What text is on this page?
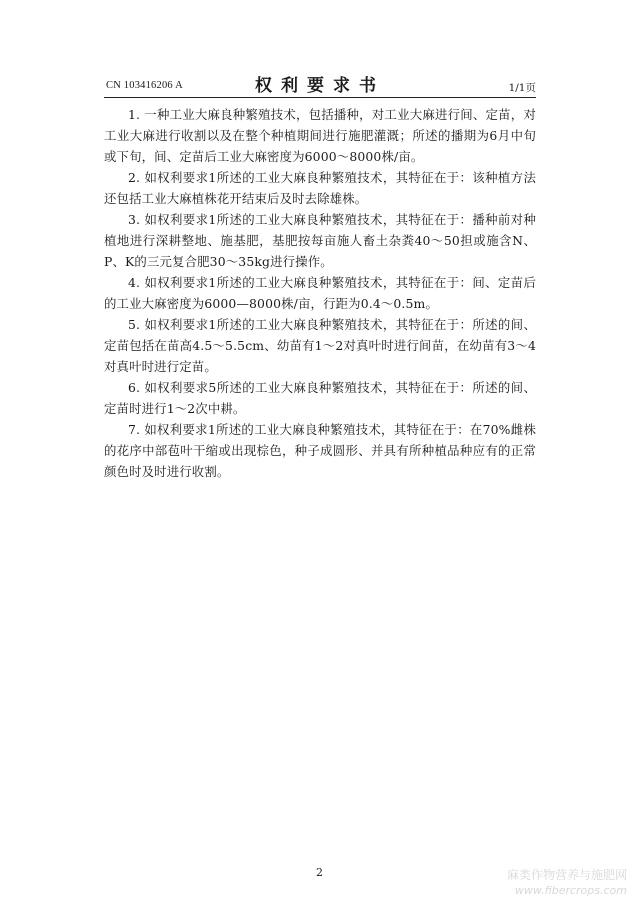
CN 103416206 A	权利要求书	1/1页

1. 一种工业大麻良种繁殖技术，包括播种，对工业大麻进行间、定苗，对工业大麻进行收割以及在整个种植期间进行施肥灌溉；所述的播期为6月中旬或下旬，间、定苗后工业大麻密度为6000～8000株/亩。

2. 如权利要求1所述的工业大麻良种繁殖技术，其特征在于：该种植方法还包括工业大麻植株花开结束后及时去除雄株。

3. 如权利要求1所述的工业大麻良种繁殖技术，其特征在于：播种前对种植地进行深耕整地、施基肥，基肥按每亩施人畜土杂粪40～50担或施含N、P、K的三元复合肥30～35kg进行操作。

4. 如权利要求1所述的工业大麻良种繁殖技术，其特征在于：间、定苗后的工业大麻密度为6000—8000株/亩，行距为0.4～0.5m。

5. 如权利要求1所述的工业大麻良种繁殖技术，其特征在于：所述的间、定苗包括在苗高4.5～5.5cm、幼苗有1～2对真叶时进行间苗，在幼苗有3～4对真叶时进行定苗。

6. 如权利要求5所述的工业大麻良种繁殖技术，其特征在于：所述的间、定苗时进行1～2次中耕。

7. 如权利要求1所述的工业大麻良种繁殖技术，其特征在于：在70%雌株的花序中部苞叶干缩或出现棕色，种子成圆形、并具有所种植品种应有的正常颜色时及时进行收割。

2	麻类作物营养与施肥网
www.fibercrops.com
